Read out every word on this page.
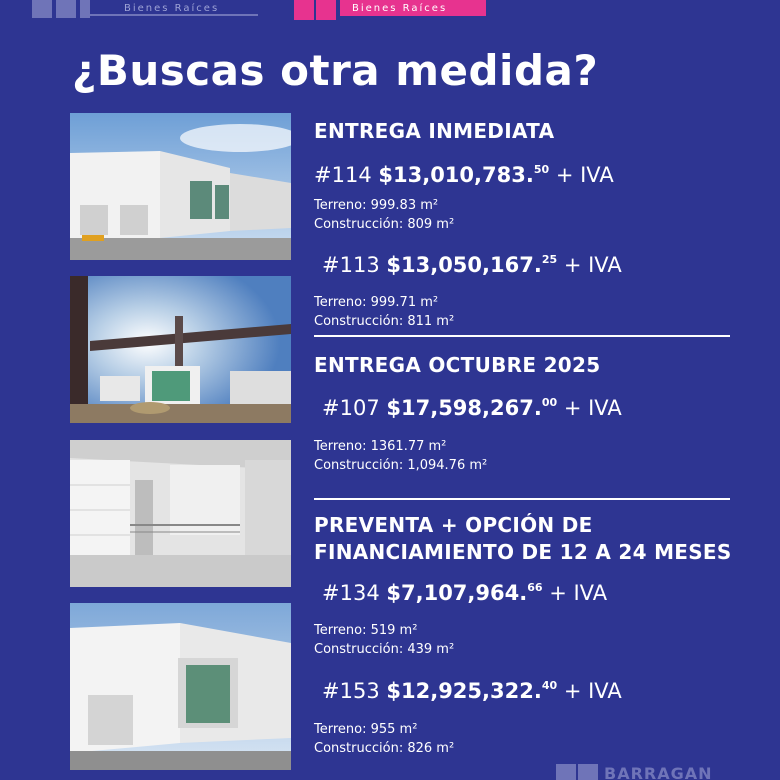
Bienes Raíces	Bienes Raíces
¿Buscas otra medida?
ENTREGA INMEDIATA
#114 $13,010,783.50 + IVA
Terreno: 999.83 m²
Construcción: 809 m²
#113 $13,050,167.25 + IVA
Terreno: 999.71 m²
Construcción: 811 m²
ENTREGA OCTUBRE 2025
#107 $17,598,267.00 + IVA
Terreno: 1361.77 m²
Construcción: 1,094.76 m²
PREVENTA + OPCIÓN DE
FINANCIAMIENTO DE 12 A 24 MESES
#134 $7,107,964.66 + IVA
Terreno: 519 m²
Construcción: 439 m²
#153 $12,925,322.40 + IVA
Terreno: 955 m²
Construcción: 826 m²
BARRAGAN
